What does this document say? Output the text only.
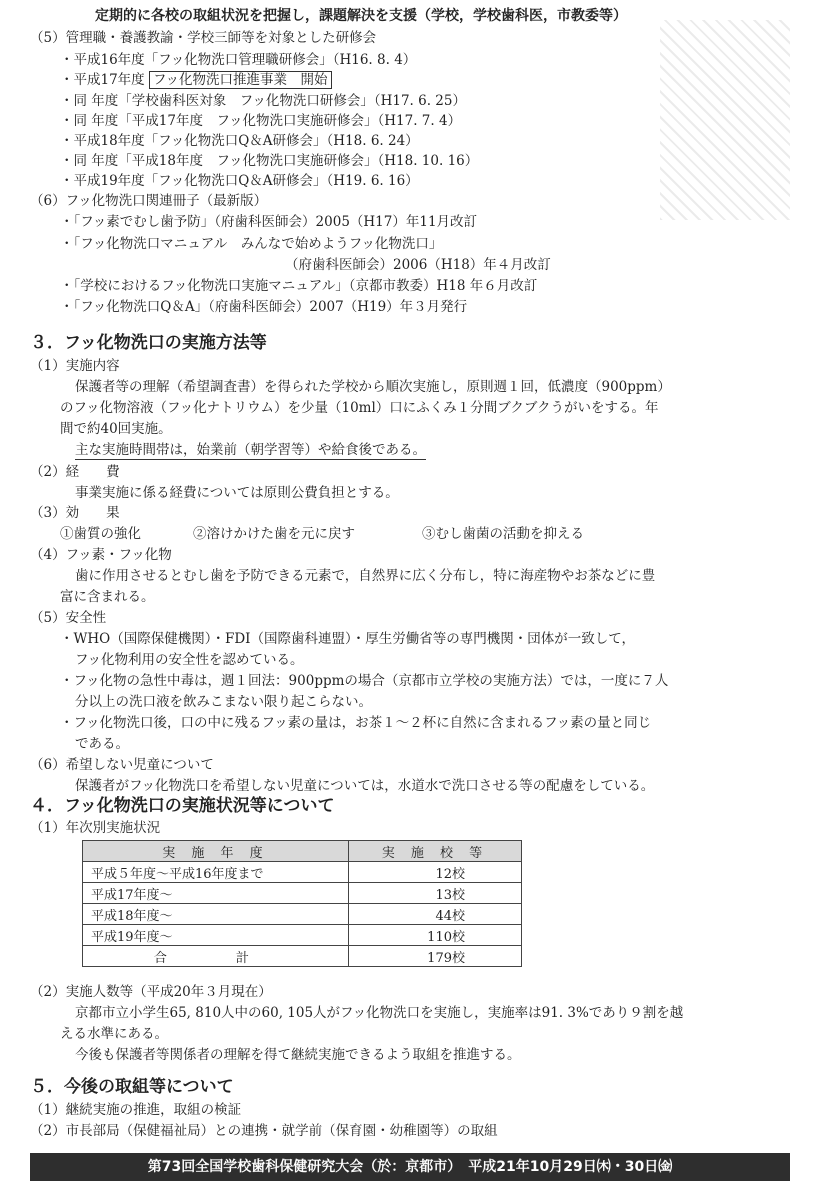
定期的に各校の取組状況を把握し，課題解決を支援（学校，学校歯科医，市教委等）
（5）管理職・養護教諭・学校三師等を対象とした研修会
・平成16年度「フッ化物洗口管理職研修会」（H16. 8. 4）
・平成17年度 フッ化物洗口推進事業　開始
・同 年度「学校歯科医対象　フッ化物洗口研修会」（H17. 6. 25）
・同 年度「平成17年度　フッ化物洗口実施研修会」（H17. 7. 4）
・平成18年度「フッ化物洗口Q＆A研修会」（H18. 6. 24）
・同 年度「平成18年度　フッ化物洗口実施研修会」（H18. 10. 16）
・平成19年度「フッ化物洗口Q＆A研修会」（H19. 6. 16）
（6）フッ化物洗口関連冊子（最新版）
・「フッ素でむし歯予防」（府歯科医師会）2005（H17）年11月改訂
・「フッ化物洗口マニュアル　みんなで始めようフッ化物洗口」
（府歯科医師会）2006（H18）年４月改訂
・「学校におけるフッ化物洗口実施マニュアル」（京都市教委）H18 年６月改訂
・「フッ化物洗口Q＆A」（府歯科医師会）2007（H19）年３月発行
３．フッ化物洗口の実施方法等
（1）実施内容
保護者等の理解（希望調査書）を得られた学校から順次実施し，原則週１回，低濃度（900ppm）
のフッ化物溶液（フッ化ナトリウム）を少量（10ml）口にふくみ１分間ブクブクうがいをする。年
間で約40回実施。
主な実施時間帯は，始業前（朝学習等）や給食後である。
（2）経　　費
事業実施に係る経費については原則公費負担とする。
（3）効　　果
①歯質の強化	②溶けかけた歯を元に戻す	③むし歯菌の活動を抑える
（4）フッ素・フッ化物
歯に作用させるとむし歯を予防できる元素で，自然界に広く分布し，特に海産物やお茶などに豊
富に含まれる。
（5）安全性
・WHO（国際保健機関）・FDI（国際歯科連盟）・厚生労働省等の専門機関・団体が一致して，
フッ化物利用の安全性を認めている。
・フッ化物の急性中毒は，週１回法：900ppmの場合（京都市立学校の実施方法）では，一度に７人
分以上の洗口液を飲みこまない限り起こらない。
・フッ化物洗口後，口の中に残るフッ素の量は，お茶１～２杯に自然に含まれるフッ素の量と同じ
である。
（6）希望しない児童について
保護者がフッ化物洗口を希望しない児童については，水道水で洗口させる等の配慮をしている。
４．フッ化物洗口の実施状況等について
（1）年次別実施状況
実 施 年 度	実 施 校 等
平成５年度～平成16年度まで	12校
平成17年度～	13校
平成18年度～	44校
平成19年度～	110校
合　計	179校
（2）実施人数等（平成20年３月現在）
京都市立小学生65, 810人中の60, 105人がフッ化物洗口を実施し，実施率は91. 3%であり９割を越
える水準にある。
今後も保護者等関係者の理解を得て継続実施できるよう取組を推進する。
５．今後の取組等について
（1）継続実施の推進，取組の検証
（2）市長部局（保健福祉局）との連携・就学前（保育園・幼稚園等）の取組
第73回全国学校歯科保健研究大会（於：京都市）　平成21年10月29日㈭・30日㈮
